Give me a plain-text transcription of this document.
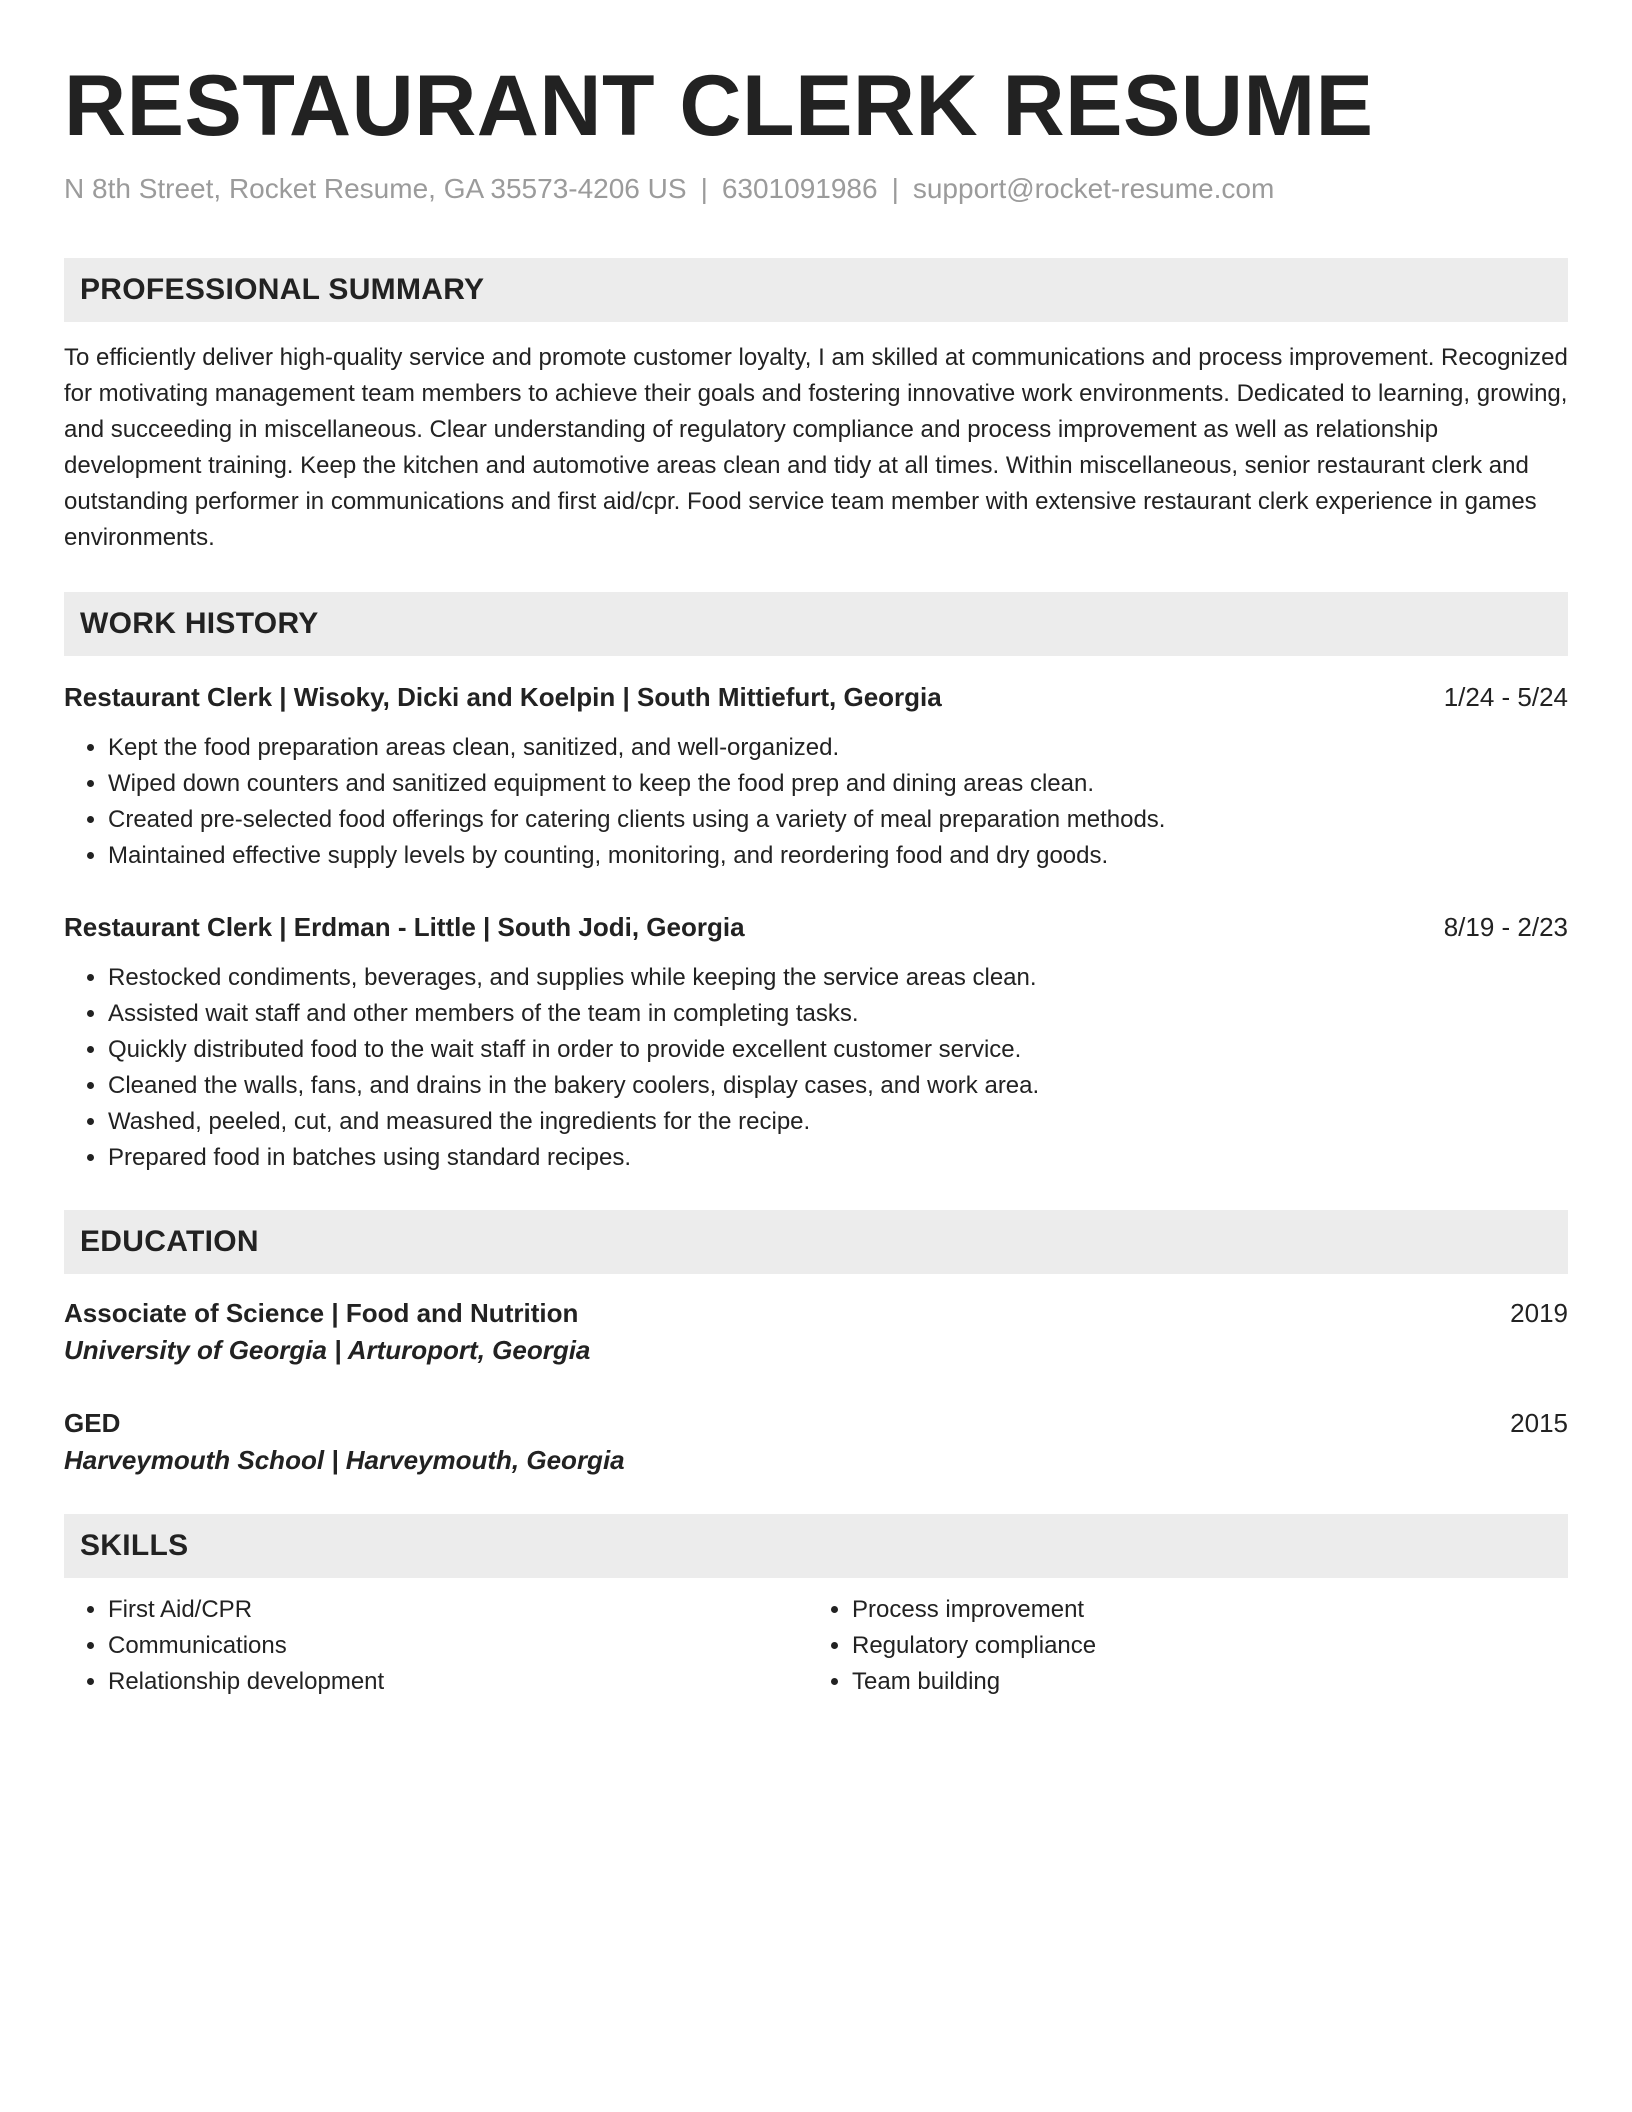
RESTAURANT CLERK RESUME
N 8th Street, Rocket Resume, GA 35573-4206 US | 6301091986 | support@rocket-resume.com
PROFESSIONAL SUMMARY
To efficiently deliver high-quality service and promote customer loyalty, I am skilled at communications and process improvement. Recognized for motivating management team members to achieve their goals and fostering innovative work environments. Dedicated to learning, growing, and succeeding in miscellaneous. Clear understanding of regulatory compliance and process improvement as well as relationship development training. Keep the kitchen and automotive areas clean and tidy at all times. Within miscellaneous, senior restaurant clerk and outstanding performer in communications and first aid/cpr. Food service team member with extensive restaurant clerk experience in games environments.
WORK HISTORY
Restaurant Clerk | Wisoky, Dicki and Koelpin | South Mittiefurt, Georgia	1/24 - 5/24
• Kept the food preparation areas clean, sanitized, and well-organized.
• Wiped down counters and sanitized equipment to keep the food prep and dining areas clean.
• Created pre-selected food offerings for catering clients using a variety of meal preparation methods.
• Maintained effective supply levels by counting, monitoring, and reordering food and dry goods.
Restaurant Clerk | Erdman - Little | South Jodi, Georgia	8/19 - 2/23
• Restocked condiments, beverages, and supplies while keeping the service areas clean.
• Assisted wait staff and other members of the team in completing tasks.
• Quickly distributed food to the wait staff in order to provide excellent customer service.
• Cleaned the walls, fans, and drains in the bakery coolers, display cases, and work area.
• Washed, peeled, cut, and measured the ingredients for the recipe.
• Prepared food in batches using standard recipes.
EDUCATION
Associate of Science | Food and Nutrition	2019
University of Georgia | Arturoport, Georgia
GED	2015
Harveymouth School | Harveymouth, Georgia
SKILLS
• First Aid/CPR
• Communications
• Relationship development
• Process improvement
• Regulatory compliance
• Team building
